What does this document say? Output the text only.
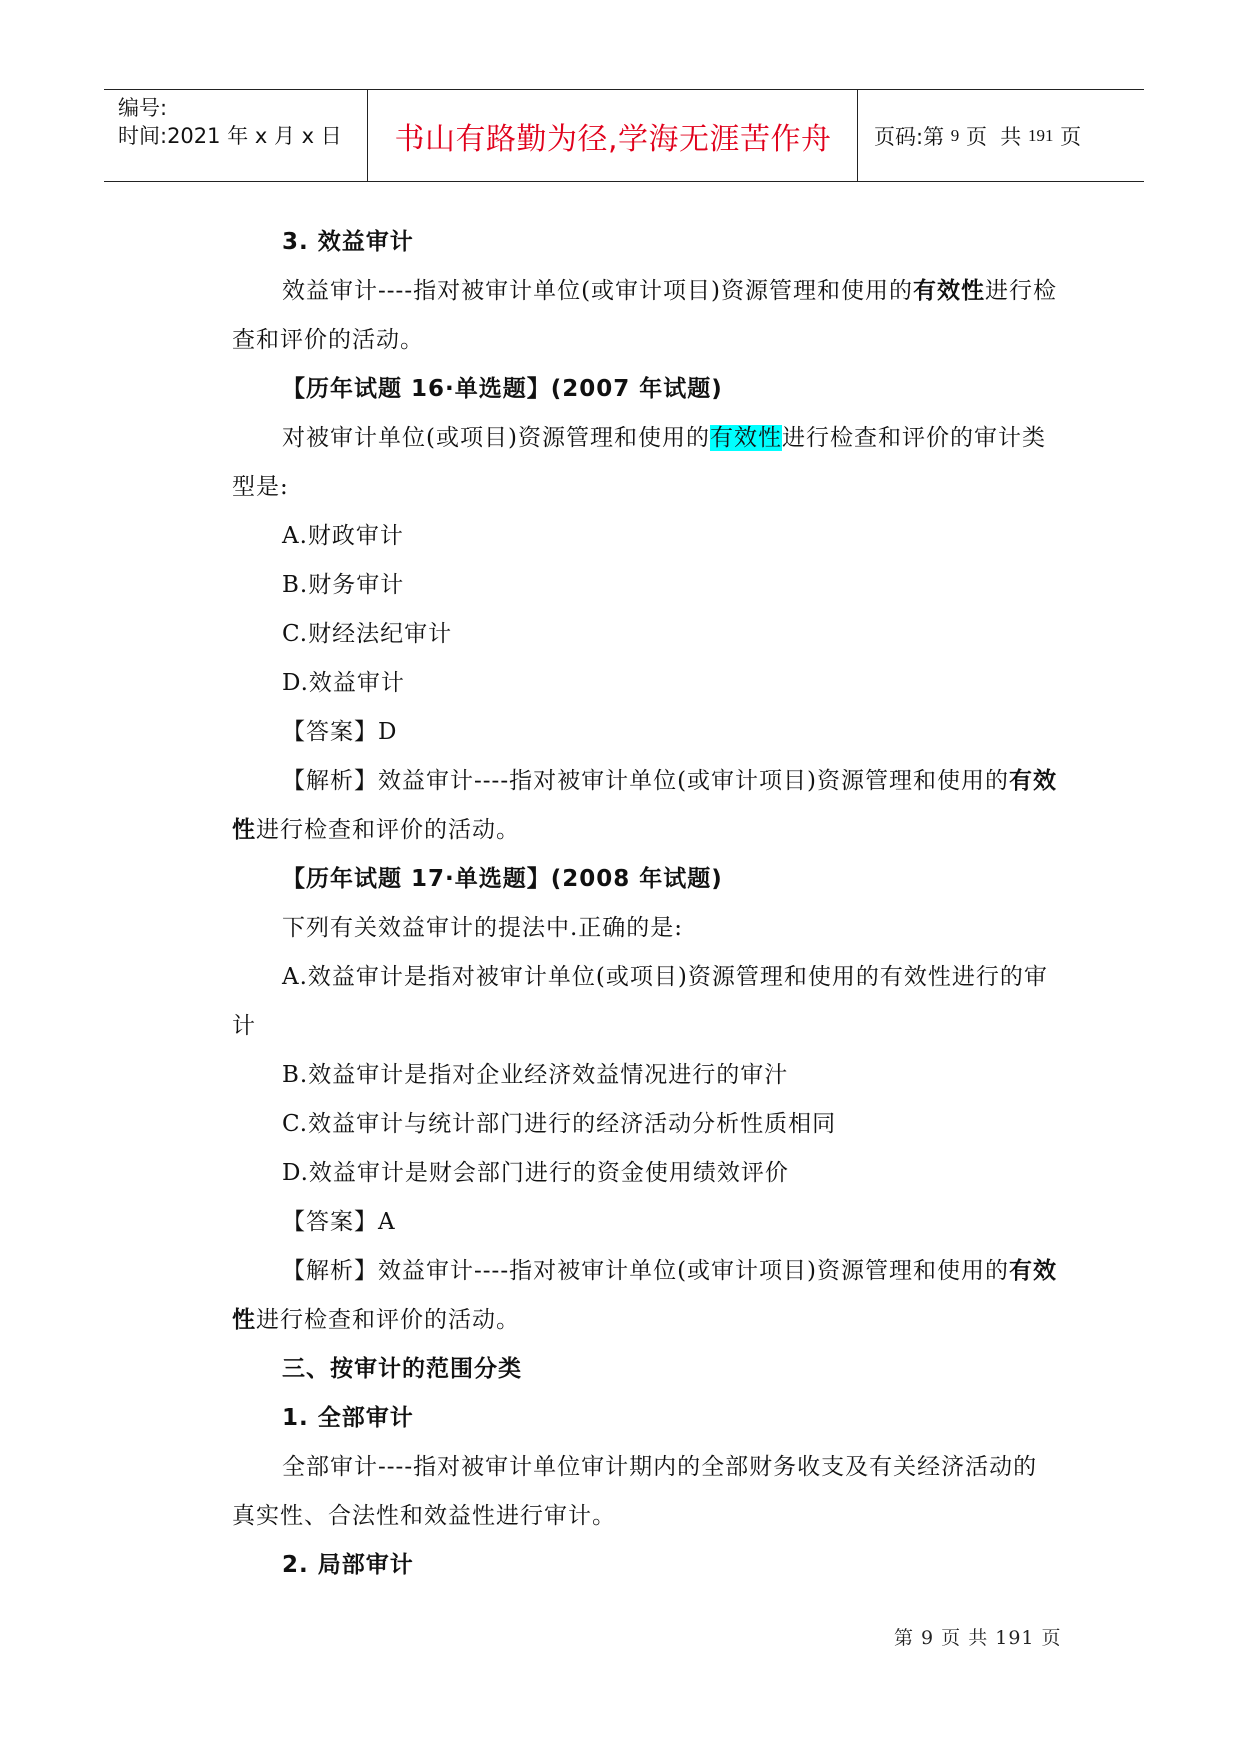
编号:
时间:2021 年 x 月 x 日	书山有路勤为径,学海无涯苦作舟	页码:第 9 页  共 191 页

3. 效益审计

效益审计----指对被审计单位(或审计项目)资源管理和使用的有效性进行检查和评价的活动。

【历年试题 16·单选题】(2007 年试题)

对被审计单位(或项目)资源管理和使用的有效性进行检查和评价的审计类型是:

A.财政审计

B.财务审计

C.财经法纪审计

D.效益审计

【答案】D

【解析】效益审计----指对被审计单位(或审计项目)资源管理和使用的有效性进行检查和评价的活动。

【历年试题 17·单选题】(2008 年试题)

下列有关效益审计的提法中.正确的是:

A.效益审计是指对被审计单位(或项目)资源管理和使用的有效性进行的审计

B.效益审计是指对企业经济效益情况进行的审汁

C.效益审计与统计部门进行的经济活动分析性质相同

D.效益审计是财会部门进行的资金使用绩效评价

【答案】A

【解析】效益审计----指对被审计单位(或审计项目)资源管理和使用的有效性进行检查和评价的活动。

三、按审计的范围分类

1. 全部审计

全部审计----指对被审计单位审计期内的全部财务收支及有关经济活动的真实性、合法性和效益性进行审计。

2. 局部审计

第 9 页 共 191 页
